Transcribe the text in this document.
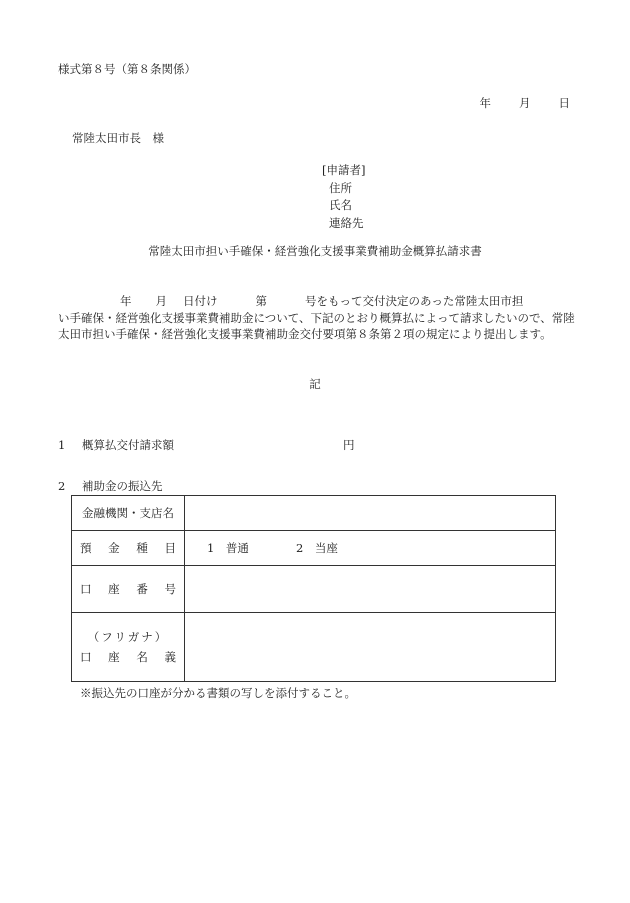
様式第８号（第８条関係）
年 月 日
常陸太田市長　様
[申請者]
住所
氏名
連絡先
常陸太田市担い手確保・経営強化支援事業費補助金概算払請求書
年 月 日付け	第	号をもって交付決定のあった常陸太田市担
い手確保・経営強化支援事業費補助金について、下記のとおり概算払によって請求したいので、常陸太田市担い手確保・経営強化支援事業費補助金交付要項第８条第２項の規定により提出します。
記
1 概算払交付請求額	円
2 補助金の振込先
金融機関・支店名	

預 金 種 目	1　普通 2　当座

口 座 番 号	

（フリガナ）
口 座 名 義	

※振込先の口座が分かる書類の写しを添付すること。
